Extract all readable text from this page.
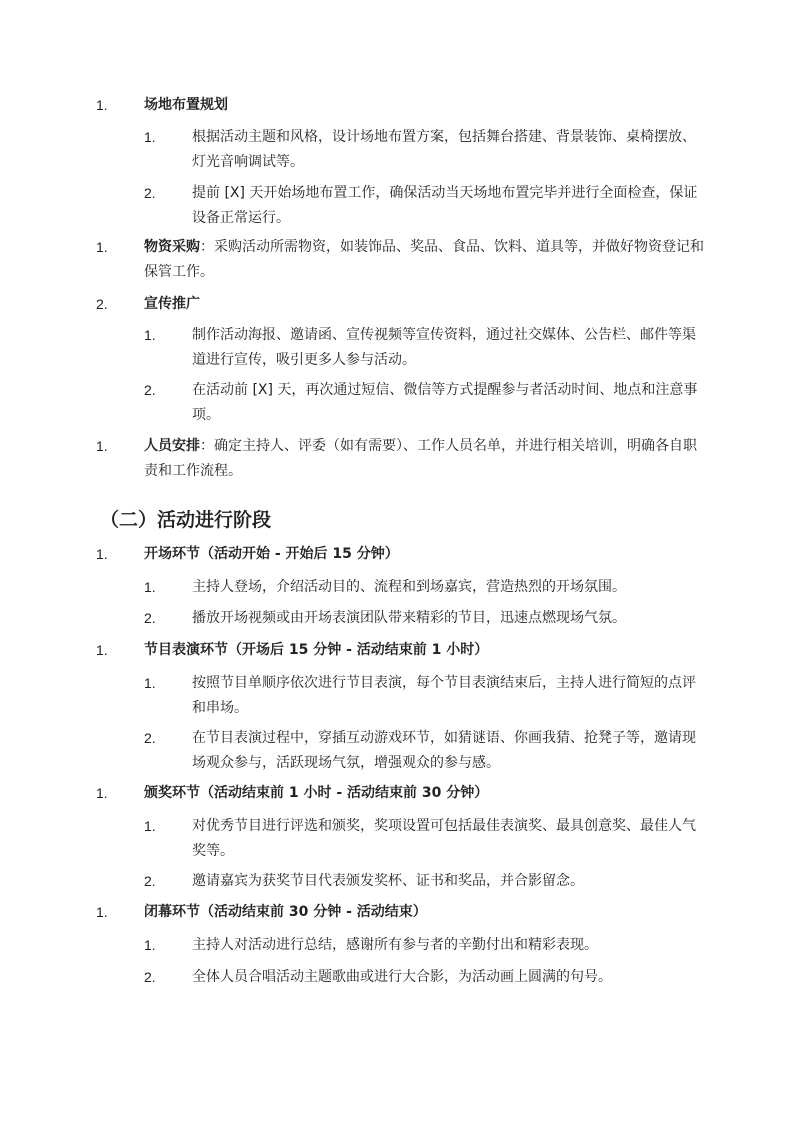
1.	场地布置规划
1.	根据活动主题和风格，设计场地布置方案，包括舞台搭建、背景装饰、桌椅摆放、灯光音响调试等。
2.	提前 [X] 天开始场地布置工作，确保活动当天场地布置完毕并进行全面检查，保证设备正常运行。
1.	物资采购：采购活动所需物资，如装饰品、奖品、食品、饮料、道具等，并做好物资登记和保管工作。
2.	宣传推广
1.	制作活动海报、邀请函、宣传视频等宣传资料，通过社交媒体、公告栏、邮件等渠道进行宣传，吸引更多人参与活动。
2.	在活动前 [X] 天，再次通过短信、微信等方式提醒参与者活动时间、地点和注意事项。
1.	人员安排：确定主持人、评委（如有需要）、工作人员名单，并进行相关培训，明确各自职责和工作流程。
（二）活动进行阶段
1.	开场环节（活动开始 - 开始后 15 分钟）
1.	主持人登场，介绍活动目的、流程和到场嘉宾，营造热烈的开场氛围。
2.	播放开场视频或由开场表演团队带来精彩的节目，迅速点燃现场气氛。
1.	节目表演环节（开场后 15 分钟 - 活动结束前 1 小时）
1.	按照节目单顺序依次进行节目表演，每个节目表演结束后，主持人进行简短的点评和串场。
2.	在节目表演过程中，穿插互动游戏环节，如猜谜语、你画我猜、抢凳子等，邀请现场观众参与，活跃现场气氛，增强观众的参与感。
1.	颁奖环节（活动结束前 1 小时 - 活动结束前 30 分钟）
1.	对优秀节目进行评选和颁奖，奖项设置可包括最佳表演奖、最具创意奖、最佳人气奖等。
2.	邀请嘉宾为获奖节目代表颁发奖杯、证书和奖品，并合影留念。
1.	闭幕环节（活动结束前 30 分钟 - 活动结束）
1.	主持人对活动进行总结，感谢所有参与者的辛勤付出和精彩表现。
2.	全体人员合唱活动主题歌曲或进行大合影，为活动画上圆满的句号。
